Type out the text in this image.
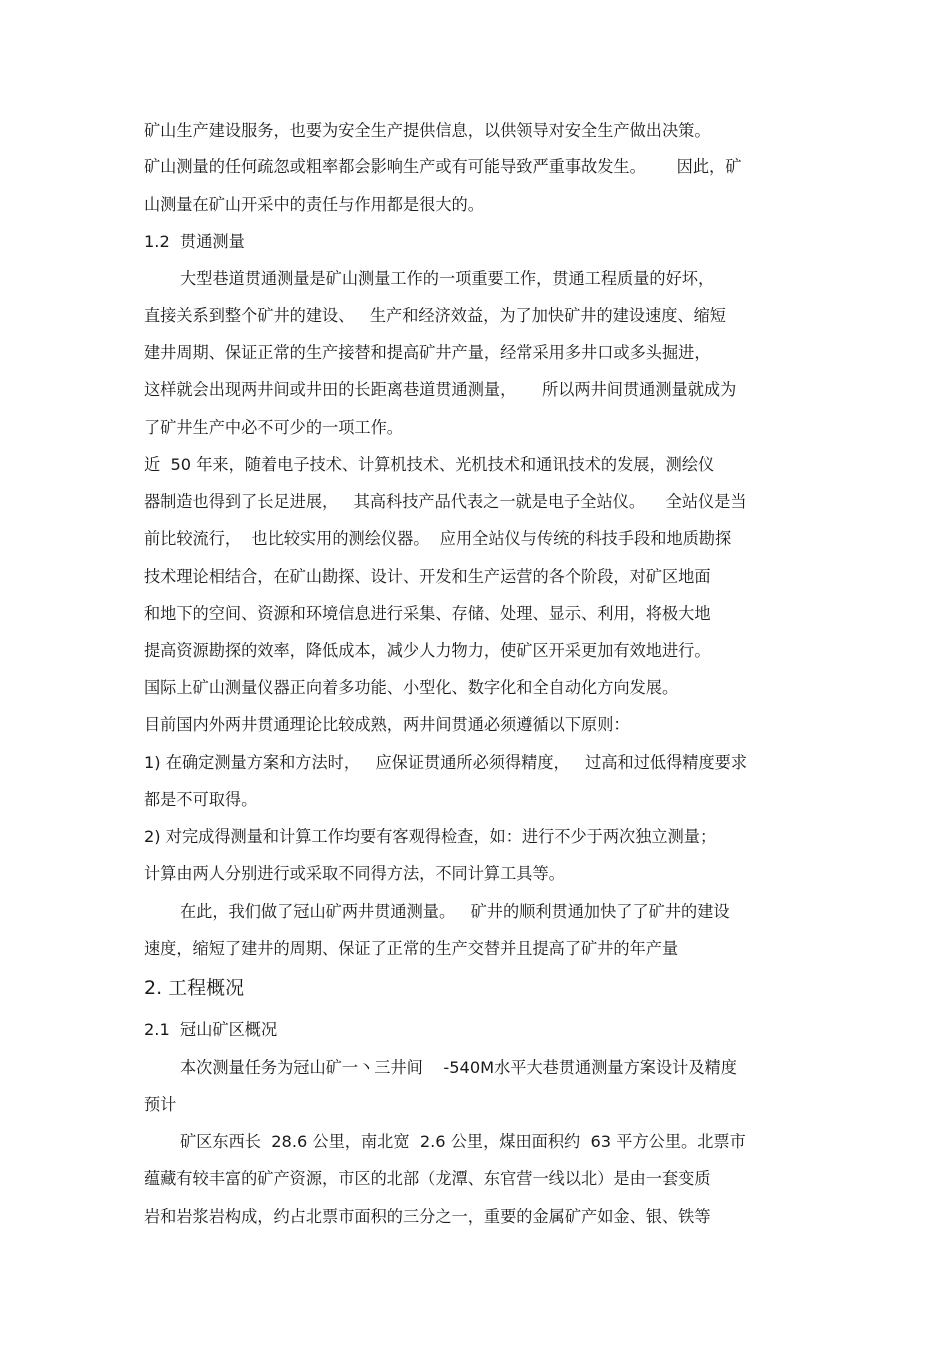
矿山生产建设服务，也要为安全生产提供信息，以供领导对安全生产做出决策。
矿山测量的任何疏忽或粗率都会影响生产或有可能导致严重事故发生。      因此，矿
山测量在矿山开采中的责任与作用都是很大的。
1.2  贯通测量
大型巷道贯通测量是矿山测量工作的一项重要工作，贯通工程质量的好坏，
直接关系到整个矿井的建设、   生产和经济效益，为了加快矿井的建设速度、缩短
建井周期、保证正常的生产接替和提高矿井产量，经常采用多井口或多头掘进，
这样就会出现两井间或井田的长距离巷道贯通测量，     所以两井间贯通测量就成为
了矿井生产中必不可少的一项工作。
近  50 年来，随着电子技术、计算机技术、光机技术和通讯技术的发展，测绘仪
器制造也得到了长足进展，   其高科技产品代表之一就是电子全站仪。    全站仪是当
前比较流行，  也比较实用的测绘仪器。  应用全站仪与传统的科技手段和地质勘探
技术理论相结合，在矿山勘探、设计、开发和生产运营的各个阶段，对矿区地面
和地下的空间、资源和环境信息进行采集、存储、处理、显示、利用，将极大地
提高资源勘探的效率，降低成本，减少人力物力，使矿区开采更加有效地进行。
国际上矿山测量仪器正向着多功能、小型化、数字化和全自动化方向发展。
目前国内外两井贯通理论比较成熟，两井间贯通必须遵循以下原则：
1) 在确定测量方案和方法时，   应保证贯通所必须得精度，   过高和过低得精度要求
都是不可取得。
2) 对完成得测量和计算工作均要有客观得检查，如：进行不少于两次独立测量；
计算由两人分别进行或采取不同得方法，不同计算工具等。
在此，我们做了冠山矿两井贯通测量。   矿井的顺利贯通加快了了矿井的建设
速度，缩短了建井的周期、保证了正常的生产交替并且提高了矿井的年产量
2. 工程概况
2.1  冠山矿区概况
本次测量任务为冠山矿一丶三井间    -540M水平大巷贯通测量方案设计及精度
预计
矿区东西长  28.6 公里，南北宽  2.6 公里，煤田面积约  63 平方公里。北票市
蕴藏有较丰富的矿产资源，市区的北部（龙潭、东官营一线以北）是由一套变质
岩和岩浆岩构成，约占北票市面积的三分之一，重要的金属矿产如金、银、铁等
